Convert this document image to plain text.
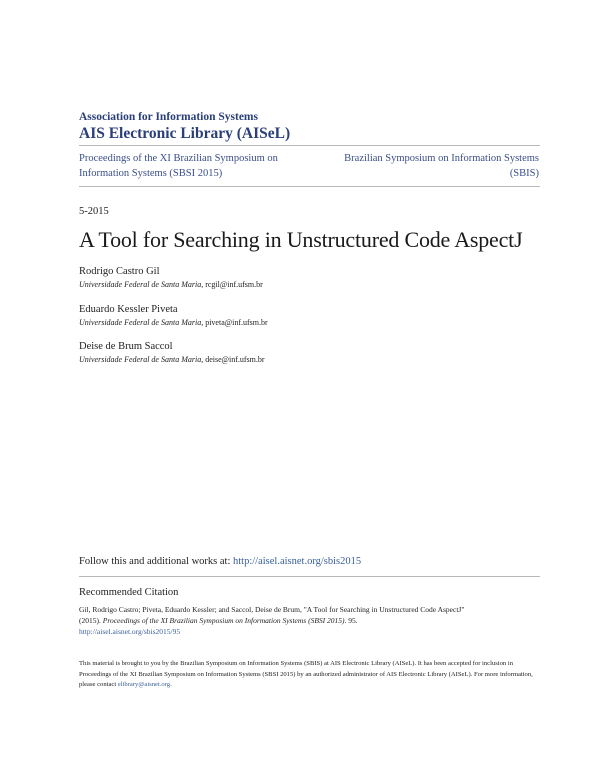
Association for Information Systems
AIS Electronic Library (AISeL)
Proceedings of the XI Brazilian Symposium on
Information Systems (SBSI 2015)
Brazilian Symposium on Information Systems
(SBIS)
5-2015
A Tool for Searching in Unstructured Code AspectJ
Rodrigo Castro Gil
Universidade Federal de Santa Maria, rcgil@inf.ufsm.br
Eduardo Kessler Piveta
Universidade Federal de Santa Maria, piveta@inf.ufsm.br
Deise de Brum Saccol
Universidade Federal de Santa Maria, deise@inf.ufsm.br
Follow this and additional works at: http://aisel.aisnet.org/sbis2015
Recommended Citation
Gil, Rodrigo Castro; Piveta, Eduardo Kessler; and Saccol, Deise de Brum, "A Tool for Searching in Unstructured Code AspectJ"
(2015). Proceedings of the XI Brazilian Symposium on Information Systems (SBSI 2015). 95.
http://aisel.aisnet.org/sbis2015/95
This material is brought to you by the Brazilian Symposium on Information Systems (SBIS) at AIS Electronic Library (AISeL). It has been accepted for inclusion in Proceedings of the XI Brazilian Symposium on Information Systems (SBSI 2015) by an authorized administrator of AIS Electronic Library (AISeL). For more information, please contact elibrary@aisnet.org.
